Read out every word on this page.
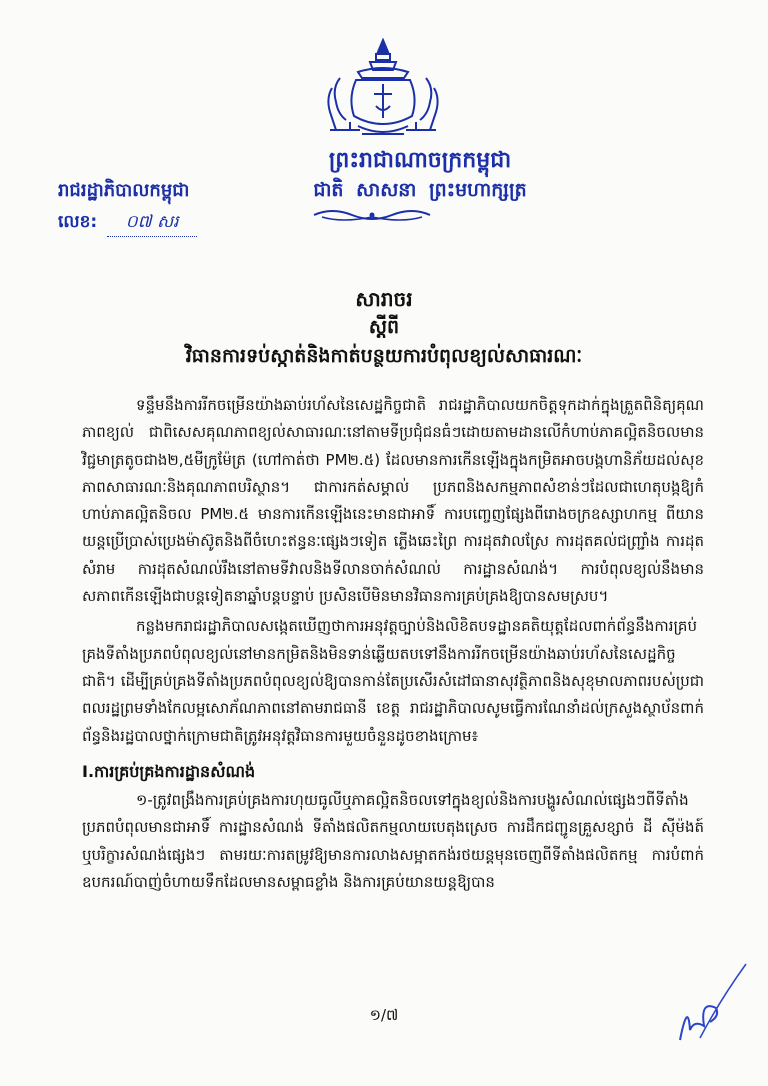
ព្រះរាជាណាចក្រកម្ពុជា
ជាតិ សាសនា ព្រះមហាក្សត្រ
រាជរដ្ឋាភិបាលកម្ពុជា
លេខ: ០៧ សរ
សារាចរ
ស្តីពី
វិធានការទប់ស្កាត់និងកាត់បន្ថយការបំពុលខ្យល់សាធារណៈ

ទន្ទឹមនឹងការរីកចម្រើនយ៉ាងឆាប់រហ័សនៃសេដ្ឋកិច្ចជាតិ រាជរដ្ឋាភិបាលយកចិត្តទុកដាក់ក្នុងត្រួតពិនិត្យគុណភាពខ្យល់ ជាពិសេសគុណភាពខ្យល់សាធារណៈនៅតាមទីប្រជុំជនធំៗដោយតាមដានលើកំហាប់ភាគល្អិតនិចលមានវិជ្ជមាត្រតូចជាង២,៥មីក្រូម៉ែត្រ (ហៅកាត់ថា PM២.៥) ដែលមានការកើនឡើងក្នុងកម្រិតអាចបង្កហានិភ័យដល់សុខភាពសាធារណៈនិងគុណភាពបរិស្ថាន។ ជាការកត់សម្គាល់ ប្រភពនិងសកម្មភាពសំខាន់ៗដែលជាហេតុបង្កឱ្យកំហាប់ភាគល្អិតនិចល PM២.៥ មានការកើនឡើងនេះមានជាអាទិ៍ ការបញ្ចេញផ្សែងពីរោងចក្រឧស្សាហកម្ម ពីយានយន្តប្រើប្រាស់ប្រេងម៉ាស៊ូតនិងពីចំហេះឥន្ធនៈផ្សេងៗទៀត ភ្លើងឆេះព្រៃ ការដុតវាលស្រែ ការដុតគល់ជញ្ជ្រាំង ការដុតសំរាម ការដុតសំណល់រឹងនៅតាមទីវាលនិងទីលានចាក់សំណល់ ការដ្ឋានសំណង់។ ការបំពុលខ្យល់នឹងមានសភាពកើនឡើងជាបន្តទៀតនាឆ្នាំបន្តបន្ទាប់ ប្រសិនបើមិនមានវិធានការគ្រប់គ្រងឱ្យបានសមស្រប។

កន្លងមករាជរដ្ឋាភិបាលសង្កេតឃើញថាការអនុវត្តច្បាប់និងលិខិតបទដ្ឋានគតិយុត្តដែលពាក់ព័ន្ធនឹងការគ្រប់គ្រងទីតាំងប្រភពបំពុលខ្យល់នៅមានកម្រិតនិងមិនទាន់ឆ្លើយតបទៅនឹងការរីកចម្រើនយ៉ាងឆាប់រហ័សនៃសេដ្ឋកិច្ចជាតិ។ ដើម្បីគ្រប់គ្រងទីតាំងប្រភពបំពុលខ្យល់ឱ្យបានកាន់តែប្រសើរសំដៅធានាសុវត្ថិភាពនិងសុខុមាលភាពរបស់ប្រជាពលរដ្ឋព្រមទាំងកែលម្អសោភ័ណភាពនៅតាមរាជធានី ខេត្ត រាជរដ្ឋាភិបាលសូមធ្វើការណែនាំដល់ក្រសួងស្ថាប័នពាក់ព័ន្ធនិងរដ្ឋបាលថ្នាក់ក្រោមជាតិត្រូវអនុវត្តវិធានការមួយចំនួនដូចខាងក្រោម៖

I.ការគ្រប់គ្រងការដ្ឋានសំណង់

១-ត្រូវពង្រឹងការគ្រប់គ្រងការហុយធូលីឬភាគល្អិតនិចលទៅក្នុងខ្យល់និងការបង្ហូរសំណល់ផ្សេងៗពីទីតាំងប្រភពបំពុលមានជាអាទិ៍ ការដ្ឋានសំណង់ ទីតាំងផលិតកម្មលាយបេតុងស្រេច ការដឹកជញ្ជូនគ្រួសខ្សាច់ ដី ស៊ីម៉ងត៍ ឬបរិក្ខារសំណង់ផ្សេងៗ តាមរយៈការតម្រូវឱ្យមានការលាងសម្អាតកង់រថយន្តមុនចេញពីទីតាំងផលិតកម្ម ការបំពាក់ឧបករណ៍បាញ់ចំហាយទឹកដែលមានសម្ពាធខ្លាំង និងការគ្រប់យានយន្តឱ្យបាន

១/៧
